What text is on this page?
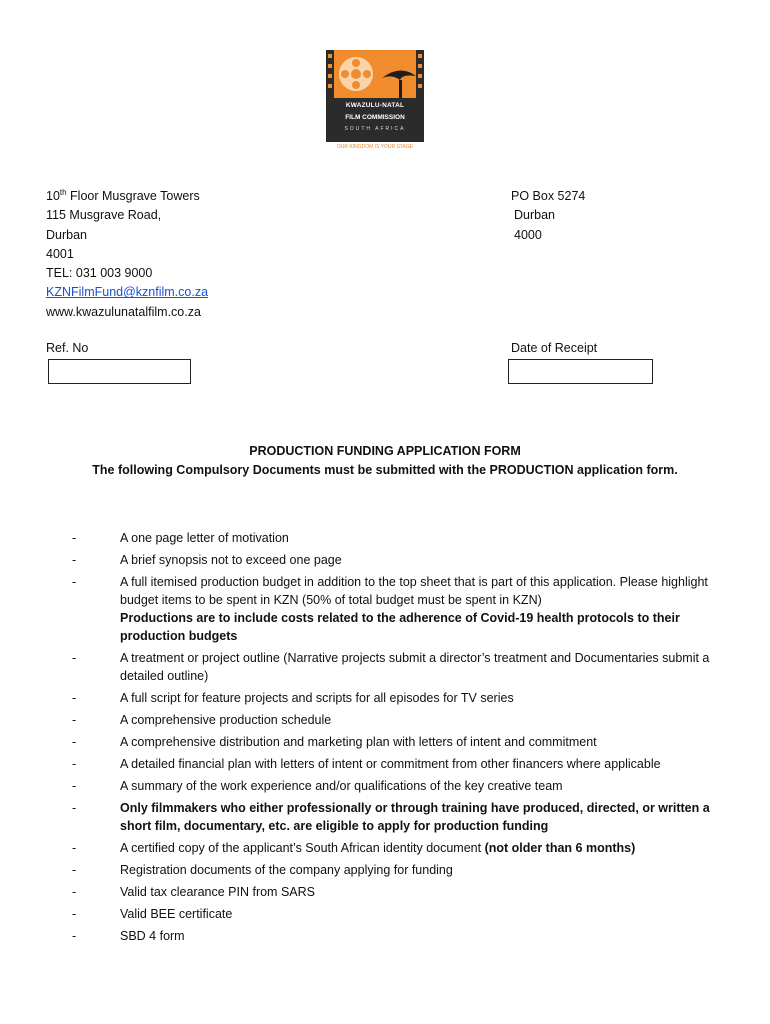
KWAZULU-NATAL
FILM COMMISSION
SOUTH AFRICA
OUR KINGDOM IS YOUR STAGE
10th Floor Musgrave Towers
115 Musgrave Road,
Durban
4001
TEL: 031 003 9000
KZNFilmFund@kznfilm.co.za
www.kwazulunatalfilm.co.za
PO Box 5274
Durban
4000
Ref. No	Date of Receipt
PRODUCTION FUNDING APPLICATION FORM
The following Compulsory Documents must be submitted with the PRODUCTION application form.
-	A one page letter of motivation
-	A brief synopsis not to exceed one page
-	A full itemised production budget in addition to the top sheet that is part of this application. Please highlight budget items to be spent in KZN (50% of total budget must be spent in KZN)
Productions are to include costs related to the adherence of Covid-19 health protocols to their production budgets
-	A treatment or project outline (Narrative projects submit a director’s treatment and Documentaries submit a detailed outline)
-	A full script for feature projects and scripts for all episodes for TV series
-	A comprehensive production schedule
-	A comprehensive distribution and marketing plan with letters of intent and commitment
-	A detailed financial plan with letters of intent or commitment from other financers where applicable
-	A summary of the work experience and/or qualifications of the key creative team
-	Only filmmakers who either professionally or through training have produced, directed, or written a short film, documentary, etc. are eligible to apply for production funding
-	A certified copy of the applicant’s South African identity document (not older than 6 months)
-	Registration documents of the company applying for funding
-	Valid tax clearance PIN from SARS
-	Valid BEE certificate
-	SBD 4 form
